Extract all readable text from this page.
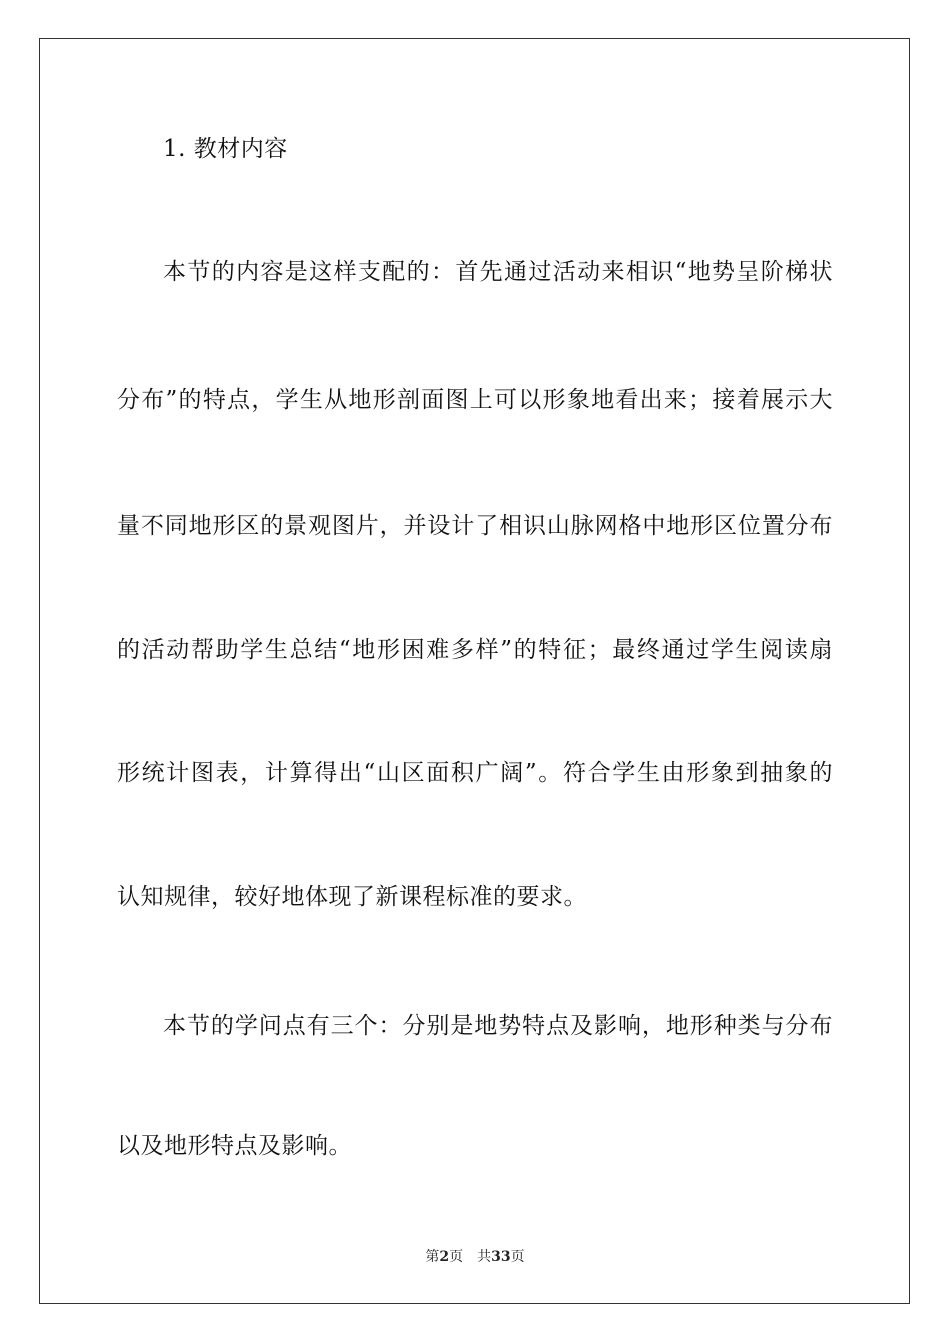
1. 教材内容
本节的内容是这样支配的：首先通过活动来相识“地势呈阶梯状
分布”的特点，学生从地形剖面图上可以形象地看出来；接着展示大
量不同地形区的景观图片，并设计了相识山脉网格中地形区位置分布
的活动帮助学生总结“地形困难多样”的特征；最终通过学生阅读扇
形统计图表，计算得出“山区面积广阔”。符合学生由形象到抽象的
认知规律，较好地体现了新课程标准的要求。
本节的学问点有三个：分别是地势特点及影响，地形种类与分布
以及地形特点及影响。
第2页　共33页
